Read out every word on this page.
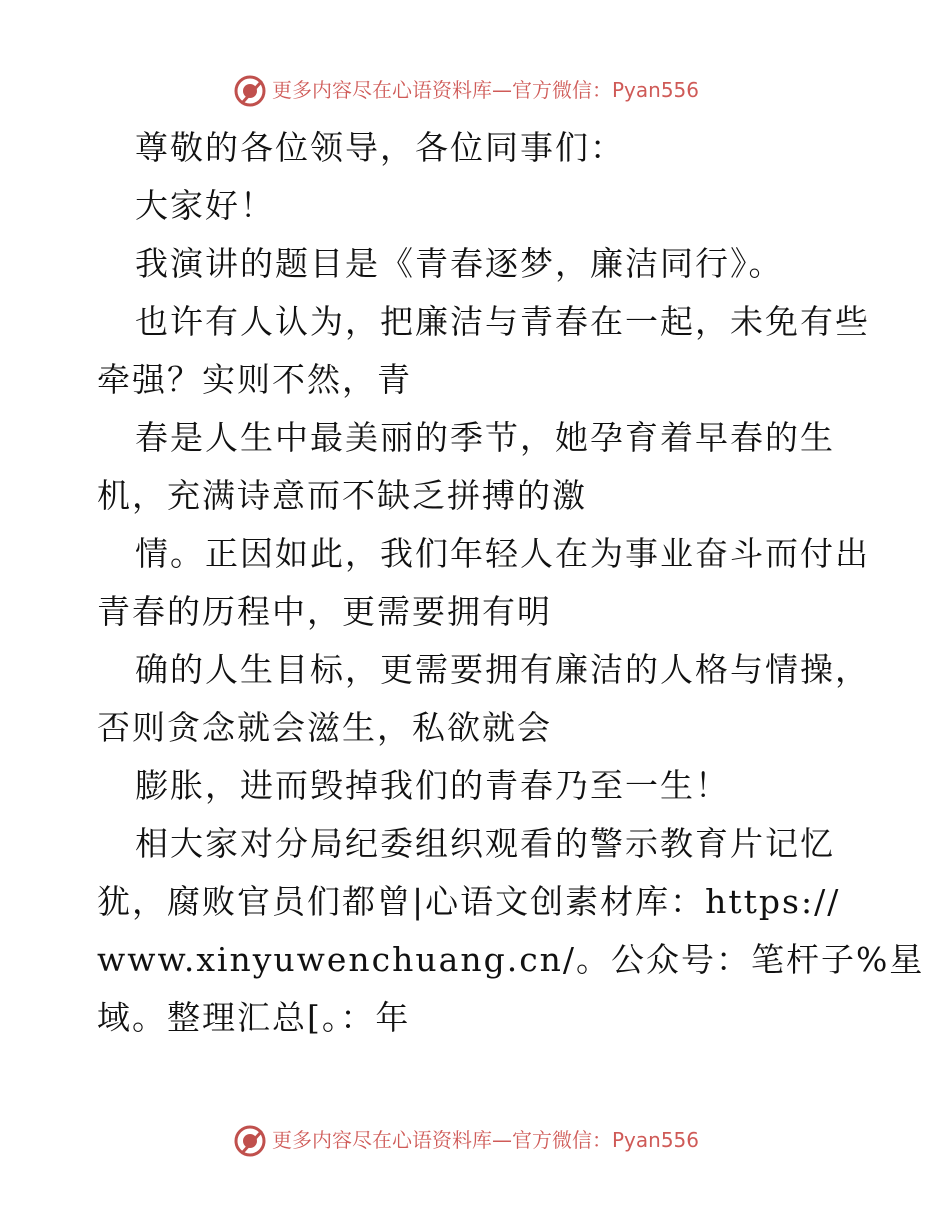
更多内容尽在心语资料库—官方微信：Pyan556
尊敬的各位领导，各位同事们：
大家好！
我演讲的题目是《青春逐梦，廉洁同行》。
也许有人认为，把廉洁与青春在一起，未免有些
牵强？实则不然，青
春是人生中最美丽的季节，她孕育着早春的生
机，充满诗意而不缺乏拼搏的激
情。正因如此，我们年轻人在为事业奋斗而付出
青春的历程中，更需要拥有明
确的人生目标，更需要拥有廉洁的人格与情操，
否则贪念就会滋生，私欲就会
膨胀，进而毁掉我们的青春乃至一生！
相大家对分局纪委组织观看的警示教育片记忆
犹，腐败官员们都曾|心语文创素材库：https://
www.xinyuwenchuang.cn/。公众号：笔杆子%星
域。整理汇总[。：年
更多内容尽在心语资料库—官方微信：Pyan556
